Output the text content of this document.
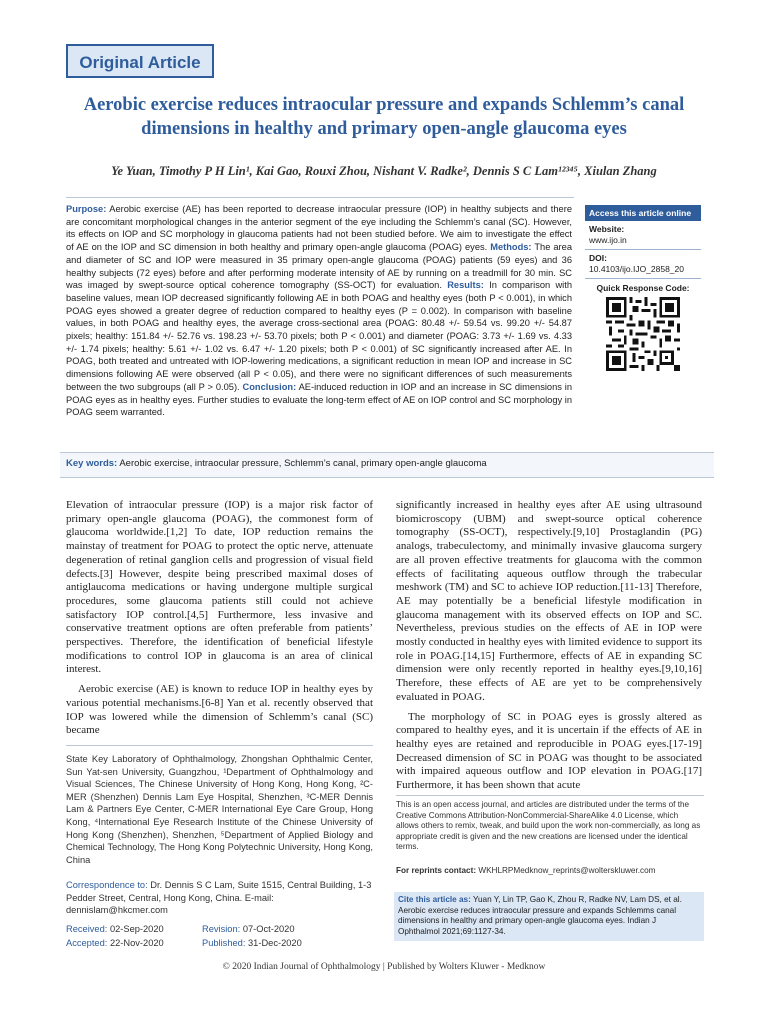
Original Article
Aerobic exercise reduces intraocular pressure and expands Schlemm’s canal
dimensions in healthy and primary open-angle glaucoma eyes
Ye Yuan, Timothy P H Lin¹, Kai Gao, Rouxi Zhou, Nishant V. Radke², Dennis S C Lam¹²³⁴⁵, Xiulan Zhang
Purpose: Aerobic exercise (AE) has been reported to decrease intraocular pressure (IOP) in healthy subjects and there are concomitant morphological changes in the anterior segment of the eye including the Schlemm’s canal (SC). However, its effects on IOP and SC morphology in glaucoma patients had not been studied before. We aim to investigate the effect of AE on the IOP and SC dimension in both healthy and primary open-angle glaucoma (POAG) eyes. Methods: The area and diameter of SC and IOP were measured in 35 primary open-angle glaucoma (POAG) patients (59 eyes) and 36 healthy subjects (72 eyes) before and after performing moderate intensity of AE by running on a treadmill for 30 min. SC was imaged by swept-source optical coherence tomography (SS-OCT) for evaluation. Results: In comparison with baseline values, mean IOP decreased significantly following AE in both POAG and healthy eyes (both P < 0.001), in which POAG eyes showed a greater degree of reduction compared to healthy eyes (P = 0.002). In comparison with baseline values, in both POAG and healthy eyes, the average cross-sectional area (POAG: 80.48 +/- 59.54 vs. 99.20 +/- 54.87 pixels; healthy: 151.84 +/- 52.76 vs. 198.23 +/- 53.70 pixels; both P < 0.001) and diameter (POAG: 3.73 +/- 1.69 vs. 4.33 +/- 1.74 pixels; healthy: 5.61 +/- 1.02 vs. 6.47 +/- 1.20 pixels; both P < 0.001) of SC significantly increased after AE. In POAG, both treated and untreated with IOP-lowering medications, a significant reduction in mean IOP and increase in SC dimensions following AE were observed (all P < 0.05), and there were no significant differences of such measurements between the two subgroups (all P > 0.05). Conclusion: AE-induced reduction in IOP and an increase in SC dimensions in POAG eyes as in healthy eyes. Further studies to evaluate the long-term effect of AE on IOP control and SC morphology in POAG seem warranted.
Access this article online
Website:
www.ijo.in
DOI:
10.4103/ijo.IJO_2858_20
Quick Response Code:
Key words: Aerobic exercise, intraocular pressure, Schlemm’s canal, primary open-angle glaucoma

Elevation of intraocular pressure (IOP) is a major risk factor of primary open-angle glaucoma (POAG), the commonest form of glaucoma worldwide.[1,2] To date, IOP reduction remains the mainstay of treatment for POAG to protect the optic nerve, attenuate degeneration of retinal ganglion cells and progression of visual field defects.[3] However, despite being prescribed maximal doses of antiglaucoma medications or having undergone multiple surgical procedures, some glaucoma patients still could not achieve satisfactory IOP control.[4,5] Furthermore, less invasive and conservative treatment options are often preferable from patients’ perspectives. Therefore, the identification of beneficial lifestyle modifications to control IOP in glaucoma is an area of clinical interest.

Aerobic exercise (AE) is known to reduce IOP in healthy eyes by various potential mechanisms.[6-8] Yan et al. recently observed that IOP was lowered while the dimension of Schlemm’s canal (SC) became

significantly increased in healthy eyes after AE using ultrasound biomicroscopy (UBM) and swept-source optical coherence tomography (SS-OCT), respectively.[9,10] Prostaglandin (PG) analogs, trabeculectomy, and minimally invasive glaucoma surgery are all proven effective treatments for glaucoma with the common effects of facilitating aqueous outflow through the trabecular meshwork (TM) and SC to achieve IOP reduction.[11-13] Therefore, AE may potentially be a beneficial lifestyle modification in glaucoma management with its observed effects on IOP and SC. Nevertheless, previous studies on the effects of AE in IOP were mostly conducted in healthy eyes with limited evidence to support its role in POAG.[14,15] Furthermore, effects of AE in expanding SC dimension were only recently reported in healthy eyes.[9,10,16] Therefore, these effects of AE are yet to be comprehensively evaluated in POAG.

The morphology of SC in POAG eyes is grossly altered as compared to healthy eyes, and it is uncertain if the effects of AE in healthy eyes are retained and reproducible in POAG eyes.[17-19] Decreased dimension of SC in POAG was thought to be associated with impaired aqueous outflow and IOP elevation in POAG.[17] Furthermore, it has been shown that acute

State Key Laboratory of Ophthalmology, Zhongshan Ophthalmic Center, Sun Yat-sen University, Guangzhou, ¹Department of Ophthalmology and Visual Sciences, The Chinese University of Hong Kong, Hong Kong, ²C-MER (Shenzhen) Dennis Lam Eye Hospital, Shenzhen, ³C-MER Dennis Lam & Partners Eye Center, C-MER International Eye Care Group, Hong Kong, ⁴International Eye Research Institute of the Chinese University of Hong Kong (Shenzhen), Shenzhen, ⁵Department of Applied Biology and Chemical Technology, The Hong Kong Polytechnic University, Hong Kong, China
Correspondence to: Dr. Dennis S C Lam, Suite 1515, Central Building, 1-3 Pedder Street, Central, Hong Kong, China. E-mail: dennislam@hkcmer.com
Received: 02-Sep-2020	Revision: 07-Oct-2020
Accepted: 22-Nov-2020	Published: 31-Dec-2020
This is an open access journal, and articles are distributed under the terms of the Creative Commons Attribution-NonCommercial-ShareAlike 4.0 License, which allows others to remix, tweak, and build upon the work non-commercially, as long as appropriate credit is given and the new creations are licensed under the identical terms.
For reprints contact: WKHLRPMedknow_reprints@wolterskluwer.com
Cite this article as: Yuan Y, Lin TP, Gao K, Zhou R, Radke NV, Lam DS, et al. Aerobic exercise reduces intraocular pressure and expands Schlemms canal dimensions in healthy and primary open-angle glaucoma eyes. Indian J Ophthalmol 2021;69:1127-34.
© 2020 Indian Journal of Ophthalmology | Published by Wolters Kluwer - Medknow
